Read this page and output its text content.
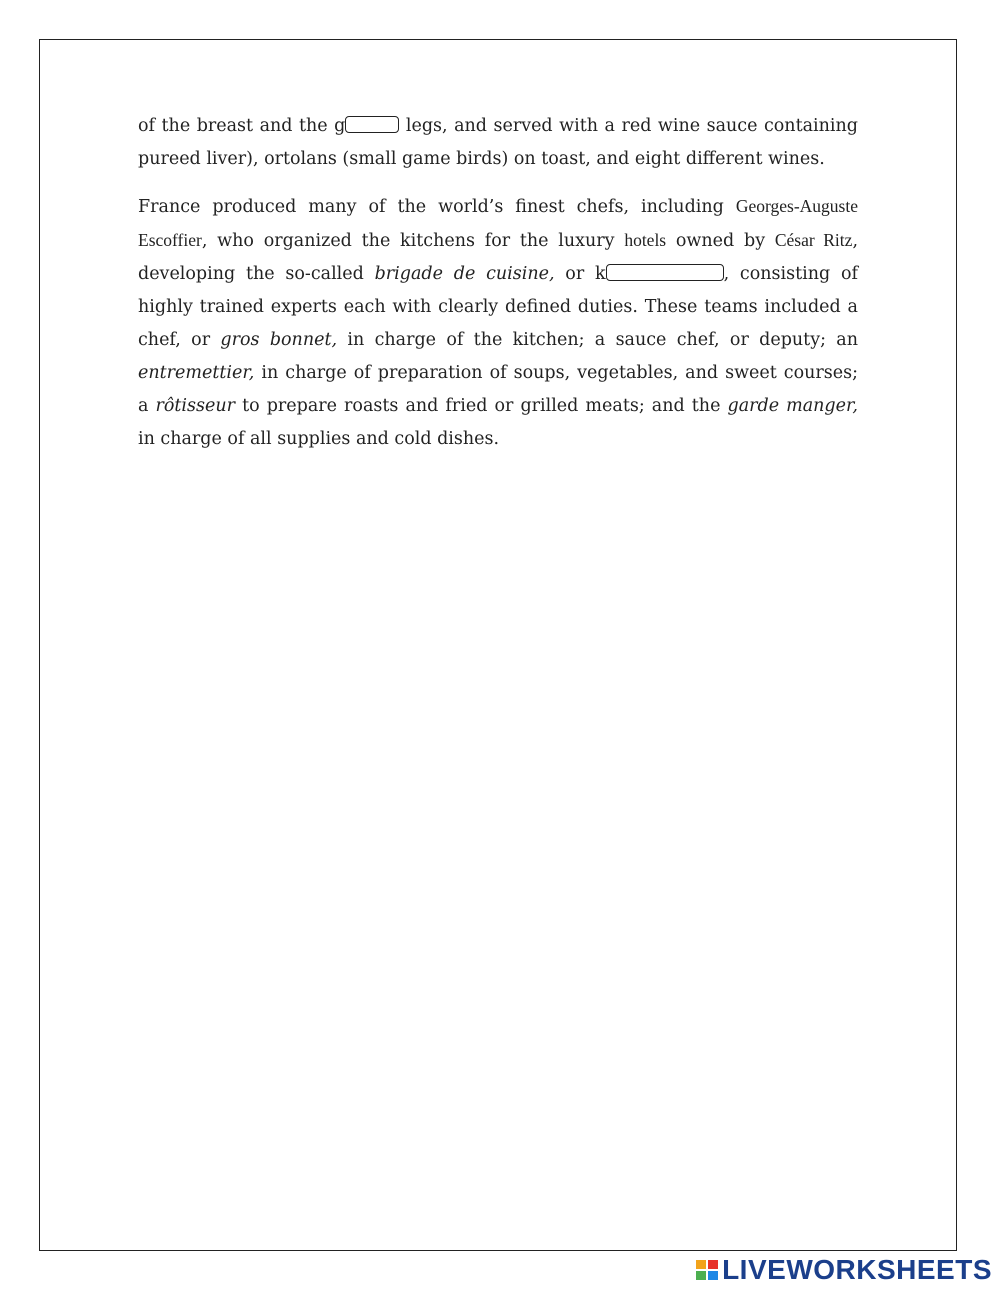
of the breast and the g	legs, and served with a red wine sauce containing pureed liver), ortolans (small game birds) on toast, and eight different wines.

France produced many of the world’s finest chefs, including Georges-Auguste Escoffier, who organized the kitchens for the luxury hotels owned by César Ritz, developing the so-called brigade de cuisine, or k	, consisting of highly trained experts each with clearly defined duties. These teams included a chef, or gros bonnet, in charge of the kitchen; a sauce chef, or deputy; an entremettier, in charge of preparation of soups, vegetables, and sweet courses; a rôtisseur to prepare roasts and fried or grilled meats; and the garde manger, in charge of all supplies and cold dishes.

LIVEWORKSHEETS
